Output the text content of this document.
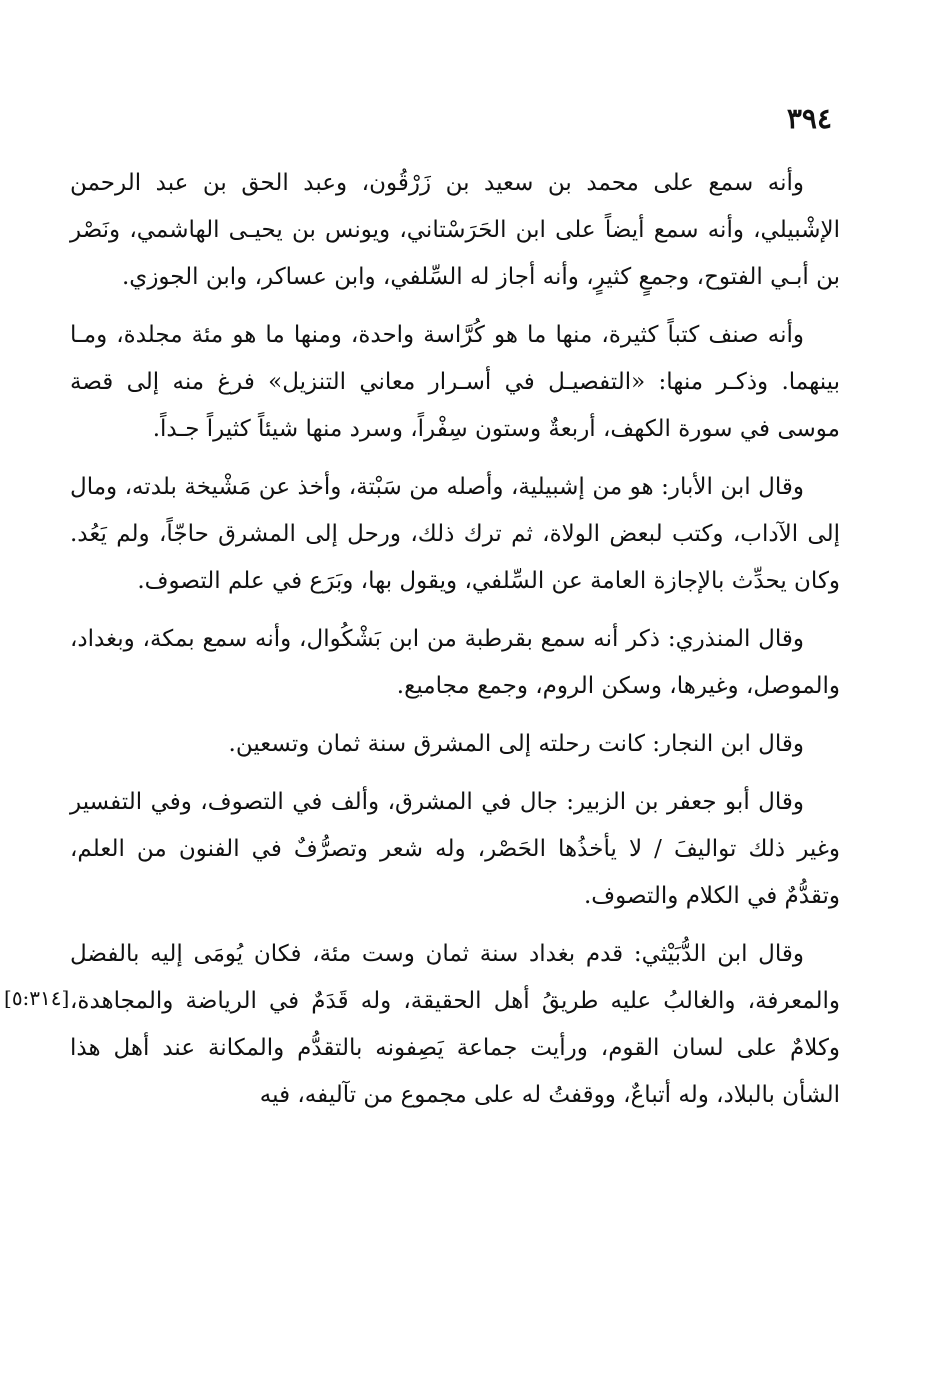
٣٩٤

وأنه سمع على محمد بن سعيد بن زَرْقُون، وعبد الحق بن عبد الرحمن الإشْبيلي، وأنه سمع أيضاً على ابن الحَرَسْتاني، ويونس بن يحيـى الهاشمي، ونَصْر بن أبـي الفتوح، وجمعٍ كثيرٍ، وأنه أجاز له السِّلفي، وابن عساكر، وابن الجوزي.

وأنه صنف كتباً كثيرة، منها ما هو كُرَّاسة واحدة، ومنها ما هو مئة مجلدة، ومـا بينهما. وذكـر منها: «التفصيـل في أسـرار معاني التنزيل» فرغ منه إلى قصة موسى في سورة الكهف، أربعةٌ وستون سِفْراً، وسرد منها شيئاً كثيراً جـداً.

وقال ابن الأبار: هو من إشبيلية، وأصله من سَبْتة، وأخذ عن مَشْيخة بلدته، ومال إلى الآداب، وكتب لبعض الولاة، ثم ترك ذلك، ورحل إلى المشرق حاجّاً، ولم يَعُد. وكان يحدِّث بالإجازة العامة عن السِّلفي، ويقول بها، وبَرَع في علم التصوف.

وقال المنذري: ذكر أنه سمع بقرطبة من ابن بَشْكُوال، وأنه سمع بمكة، وبغداد، والموصل، وغيرها، وسكن الروم، وجمع مجاميع.

وقال ابن النجار: كانت رحلته إلى المشرق سنة ثمان وتسعين.

وقال أبو جعفر بن الزبير: جال في المشرق، وألف في التصوف، وفي التفسير وغير ذلك تواليفَ / لا يأخذُها الحَصْر، وله شعر وتصرُّفٌ في الفنون من العلم، وتقدُّمٌ في الكلام والتصوف.

وقال ابن الدُّبَيْثي: قدم بغداد سنة ثمان وست مئة، فكان يُومَى إليه بالفضل والمعرفة، والغالبُ عليه طريقُ أهل الحقيقة، وله قَدَمٌ في الرياضة والمجاهدة، وكلامٌ على لسان القوم، ورأيت جماعة يَصِفونه بالتقدُّم والمكانة عند أهل هذا الشأن بالبلاد، وله أتباعٌ، ووقفتُ له على مجموع من تآليفه، فيه

[٥:٣١٤]
